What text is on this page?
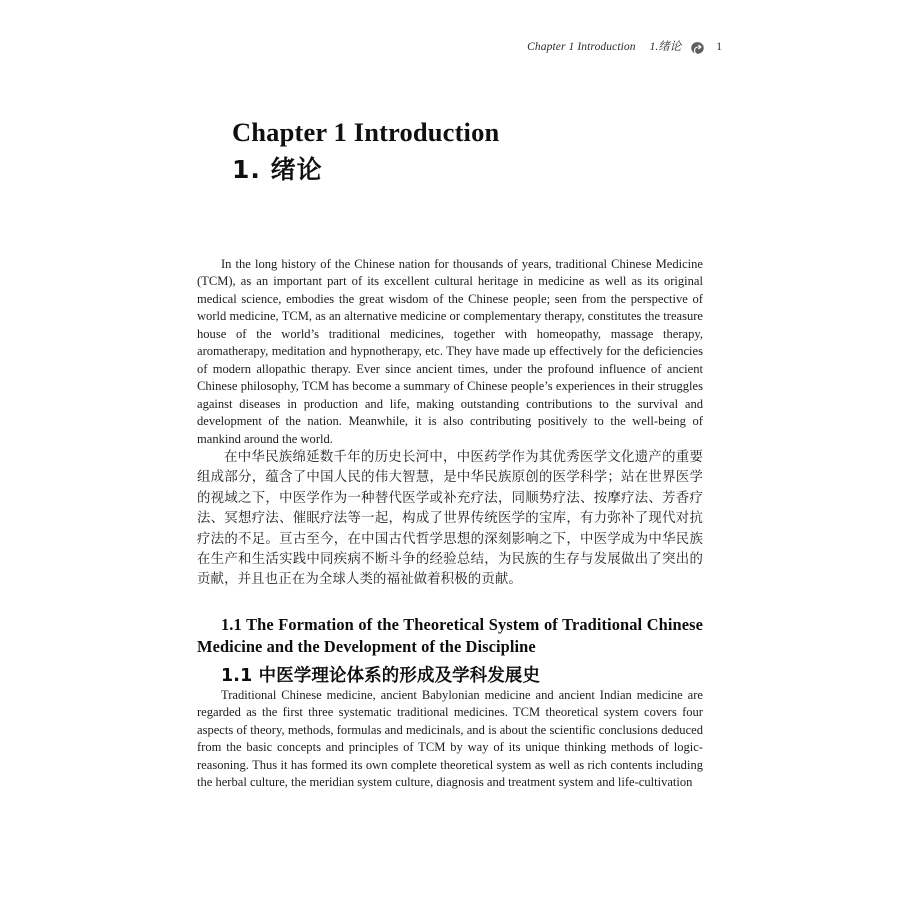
Chapter 1 Introduction 1.绪论	1
Chapter 1 Introduction
1. 绪论

In the long history of the Chinese nation for thousands of years, traditional Chinese Medicine (TCM), as an important part of its excellent cultural heritage in medicine as well as its original medical science, embodies the great wisdom of the Chinese people; seen from the perspective of world medicine, TCM, as an alternative medicine or complementary therapy, constitutes the treasure house of the world’s traditional medicines, together with homeopathy, massage therapy, aromatherapy, meditation and hypnotherapy, etc. They have made up effectively for the deficiencies of modern allopathic therapy. Ever since ancient times, under the profound influence of ancient Chinese philosophy, TCM has become a summary of Chinese people’s experiences in their struggles against diseases in production and life, making outstanding contributions to the survival and development of the nation. Meanwhile, it is also contributing positively to the well-being of mankind around the world.

在中华民族绵延数千年的历史长河中，中医药学作为其优秀医学文化遗产的重要组成部分，蕴含了中国人民的伟大智慧，是中华民族原创的医学科学；站在世界医学的视域之下，中医学作为一种替代医学或补充疗法，同顺势疗法、按摩疗法、芳香疗法、冥想疗法、催眠疗法等一起，构成了世界传统医学的宝库，有力弥补了现代对抗疗法的不足。亘古至今，在中国古代哲学思想的深刻影响之下，中医学成为中华民族在生产和生活实践中同疾病不断斗争的经验总结，为民族的生存与发展做出了突出的贡献，并且也正在为全球人类的福祉做着积极的贡献。

1.1 The Formation of the Theoretical System of Traditional Chinese Medicine and the Development of the Discipline
1.1 中医学理论体系的形成及学科发展史

Traditional Chinese medicine, ancient Babylonian medicine and ancient Indian medicine are regarded as the first three systematic traditional medicines. TCM theoretical system covers four aspects of theory, methods, formulas and medicinals, and is about the scientific conclusions deduced from the basic concepts and principles of TCM by way of its unique thinking methods of logic-reasoning. Thus it has formed its own complete theoretical system as well as rich contents including the herbal culture, the meridian system culture, diagnosis and treatment system and life-cultivation
